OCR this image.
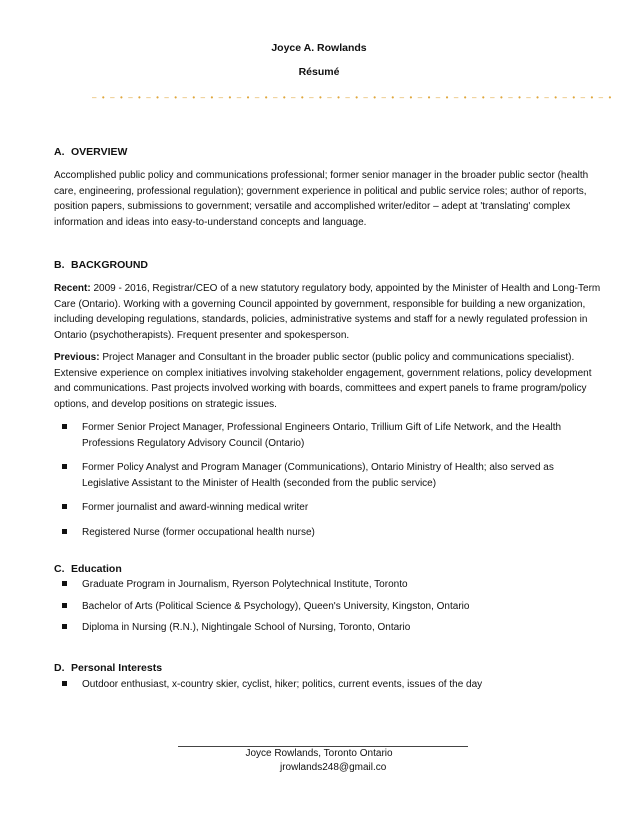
Joyce A. Rowlands
Résumé
– • – • – • – • – • – • – • – • – • – • – • – • – • – • – • – • – • – • – • – • – • – • – • – • – • – • – • – • – •
A. OVERVIEW
Accomplished public policy and communications professional; former senior manager in the broader public sector (health care, engineering, professional regulation); government experience in political and public service roles; author of reports, position papers, submissions to government; versatile and accomplished writer/editor – adept at 'translating' complex information and ideas into easy-to-understand concepts and language.
B. BACKGROUND
Recent: 2009 - 2016, Registrar/CEO of a new statutory regulatory body, appointed by the Minister of Health and Long-Term Care (Ontario). Working with a governing Council appointed by government, responsible for building a new organization, including developing regulations, standards, policies, administrative systems and staff for a newly regulated profession in Ontario (psychotherapists). Frequent presenter and spokesperson.
Previous: Project Manager and Consultant in the broader public sector (public policy and communications specialist). Extensive experience on complex initiatives involving stakeholder engagement, government relations, policy development and communications. Past projects involved working with boards, committees and expert panels to frame program/policy options, and develop positions on strategic issues.
Former Senior Project Manager, Professional Engineers Ontario, Trillium Gift of Life Network, and the Health Professions Regulatory Advisory Council (Ontario)
Former Policy Analyst and Program Manager (Communications), Ontario Ministry of Health; also served as Legislative Assistant to the Minister of Health (seconded from the public service)
Former journalist and award-winning medical writer
Registered Nurse (former occupational health nurse)
C. Education
Graduate Program in Journalism, Ryerson Polytechnical Institute, Toronto
Bachelor of Arts (Political Science & Psychology), Queen's University, Kingston, Ontario
Diploma in Nursing (R.N.), Nightingale School of Nursing, Toronto, Ontario
D. Personal Interests
Outdoor enthusiast, x-country skier, cyclist, hiker; politics, current events, issues of the day
Joyce Rowlands, Toronto Ontario
jrowlands248@gmail.co
